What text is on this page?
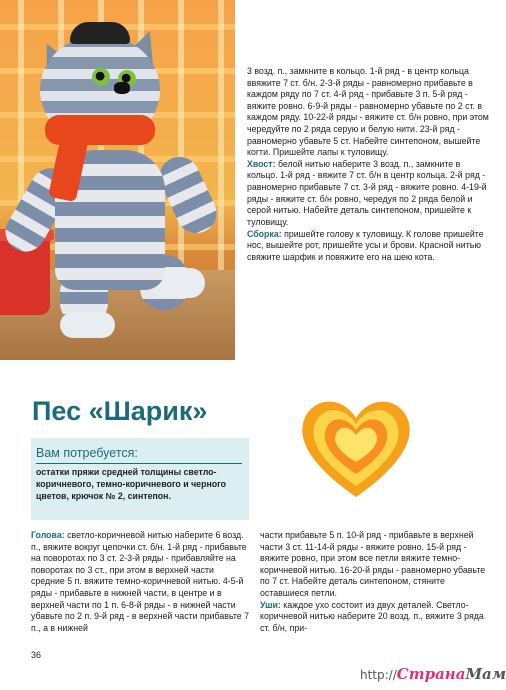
3 возд. п., замкните в кольцо. 1-й ряд - в центр кольца ввяжите 7 ст. б/н. 2-3-й ряды - равномерно прибавьте в каждом ряду по 7 ст. 4-й ряд - прибавьте 3 п. 5-й ряд - вяжите ровно. 6-9-й ряды - равномерно убавьте по 2 ст. в каждом ряду. 10-22-й ряды - вяжите ст. б/н ровно, при этом чередуйте по 2 ряда серую и белую нити. 23-й ряд - равномерно убавьте 5 ст. Набейте синтепоном, вышейте когти. Пришейте лапы к туловищу.

Хвост: белой нитью наберите 3 возд. п., замкните в кольцо. 1-й ряд - вяжите 7 ст. б/н в центр кольца. 2-й ряд - равномерно прибавьте 7 ст. 3-й ряд - вяжите ровно. 4-19-й ряды - вяжите ст. б/н ровно, чередуя по 2 ряда белой и серой нитью. Набейте деталь синтепоном, пришейте к туловищу.

Сборка: пришейте голову к туловищу. К голове пришейте нос, вышейте рот, пришейте усы и брови. Красной нитью свяжите шарфик и повяжите его на шею кота.

Пес «Шарик»
Вам потребуется:
остатки пряжи средней толщины светло-коричневого, темно-коричневого и черного цветов, крючок № 2, синтепон.
Голова: светло-коричневой нитью наберите 6 возд. п., вяжите вокруг цепочки ст. б/н. 1-й ряд - прибавьте на поворотах по 3 ст. 2-3-й ряды - прибавляйте на поворотах по 3 ст., при этом в верхней части средние 5 п. вяжите темно-коричневой нитью. 4-5-й ряды - прибавьте в нижней части, в центре и в верхней части по 1 п. 6-8-й ряды - в нижней части убавьте по 2 п. 9-й ряд - в верхней части прибавьте 7 п., а в нижней

части прибавьте 5 п. 10-й ряд - прибавьте в верхней части 3 ст. 11-14-й ряды - вяжите ровно. 15-й ряд - вяжите ровно, при этом все петли вяжите темно-коричневой нитью. 16-20-й ряды - равномерно убавьте по 7 ст. Набейте деталь синтепоном, стяните оставшиеся петли.

Уши: каждое ухо состоит из двух деталей. Светло-коричневой нитью наберите 20 возд. п., вяжите 3 ряда ст. б/н, при-

36
http://СтранаМам
